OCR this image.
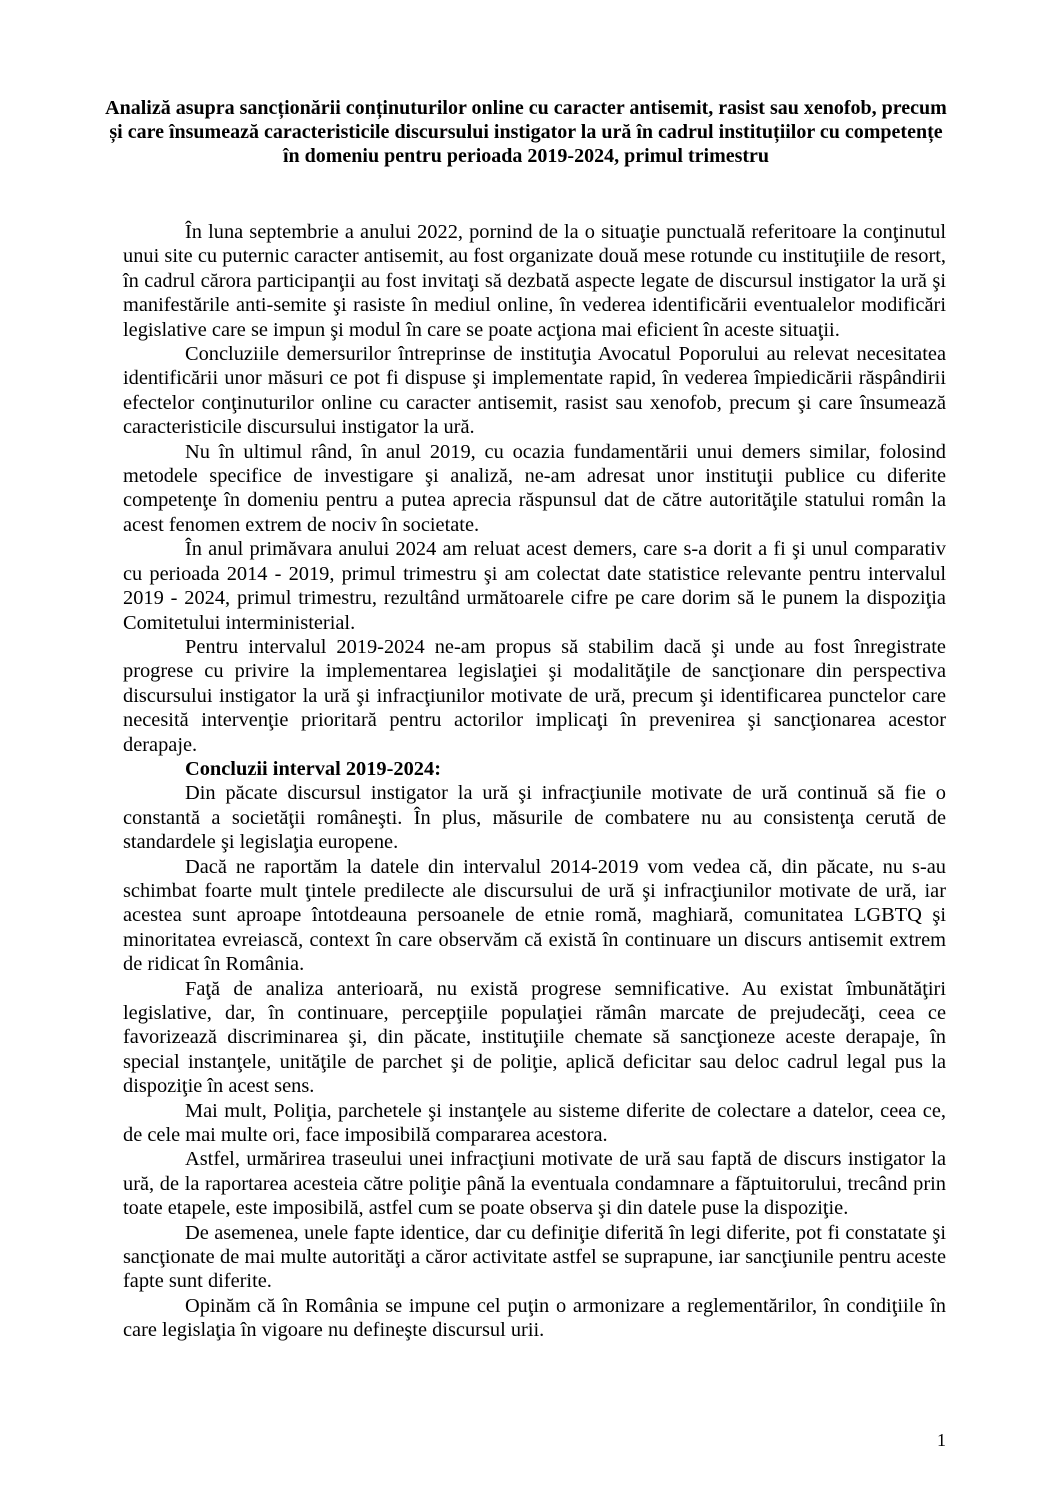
Analiză asupra sancționării conținuturilor online cu caracter antisemit, rasist sau xenofob, precum și care însumează caracteristicile discursului instigator la ură în cadrul instituțiilor cu competențe în domeniu pentru perioada 2019-2024, primul trimestru

În luna septembrie a anului 2022, pornind de la o situaţie punctuală referitoare la conţinutul unui site cu puternic caracter antisemit, au fost organizate două mese rotunde cu instituţiile de resort, în cadrul cărora participanţii au fost invitaţi să dezbată aspecte legate de discursul instigator la ură şi manifestările anti-semite şi rasiste în mediul online, în vederea identificării eventualelor modificări legislative care se impun şi modul în care se poate acţiona mai eficient în aceste situaţii.

Concluziile demersurilor întreprinse de instituţia Avocatul Poporului au relevat necesitatea identificării unor măsuri ce pot fi dispuse şi implementate rapid, în vederea împiedicării răspândirii efectelor conţinuturilor online cu caracter antisemit, rasist sau xenofob, precum şi care însumează caracteristicile discursului instigator la ură.

Nu în ultimul rând, în anul 2019, cu ocazia fundamentării unui demers similar, folosind metodele specifice de investigare şi analiză, ne-am adresat unor instituţii publice cu diferite competenţe în domeniu pentru a putea aprecia răspunsul dat de către autorităţile statului român la acest fenomen extrem de nociv în societate.

În anul primăvara anului 2024 am reluat acest demers, care s-a dorit a fi şi unul comparativ cu perioada 2014 - 2019, primul trimestru şi am colectat date statistice relevante pentru intervalul 2019 - 2024, primul trimestru, rezultând următoarele cifre pe care dorim să le punem la dispoziţia Comitetului interministerial.

Pentru intervalul 2019-2024 ne-am propus să stabilim dacă şi unde au fost înregistrate progrese cu privire la implementarea legislaţiei şi modalităţile de sancţionare din perspectiva discursului instigator la ură şi infracţiunilor motivate de ură, precum şi identificarea punctelor care necesită intervenţie prioritară pentru actorilor implicaţi în prevenirea şi sancţionarea acestor derapaje.

Concluzii interval 2019-2024:

Din păcate discursul instigator la ură şi infracţiunile motivate de ură continuă să fie o constantă a societăţii româneşti. În plus, măsurile de combatere nu au consistenţa cerută de standardele şi legislaţia europene.

Dacă ne raportăm la datele din intervalul 2014-2019 vom vedea că, din păcate, nu s-au schimbat foarte mult ţintele predilecte ale discursului de ură şi infracţiunilor motivate de ură, iar acestea sunt aproape întotdeauna persoanele de etnie romă, maghiară, comunitatea LGBTQ şi minoritatea evreiască, context în care observăm că există în continuare un discurs antisemit extrem de ridicat în România.

Faţă de analiza anterioară, nu există progrese semnificative. Au existat îmbunătăţiri legislative, dar, în continuare, percepţiile populaţiei rămân marcate de prejudecăţi, ceea ce favorizează discriminarea şi, din păcate, instituţiile chemate să sancţioneze aceste derapaje, în special instanţele, unităţile de parchet şi de poliţie, aplică deficitar sau deloc cadrul legal pus la dispoziţie în acest sens.

Mai mult, Poliţia, parchetele şi instanţele au sisteme diferite de colectare a datelor, ceea ce, de cele mai multe ori, face imposibilă compararea acestora.

Astfel, urmărirea traseului unei infracţiuni motivate de ură sau faptă de discurs instigator la ură, de la raportarea acesteia către poliţie până la eventuala condamnare a făptuitorului, trecând prin toate etapele, este imposibilă, astfel cum se poate observa şi din datele puse la dispoziţie.

De asemenea, unele fapte identice, dar cu definiţie diferită în legi diferite, pot fi constatate şi sancţionate de mai multe autorităţi a căror activitate astfel se suprapune, iar sancţiunile pentru aceste fapte sunt diferite.

Opinăm că în România se impune cel puţin o armonizare a reglementărilor, în condiţiile în care legislaţia în vigoare nu defineşte discursul urii.

1
